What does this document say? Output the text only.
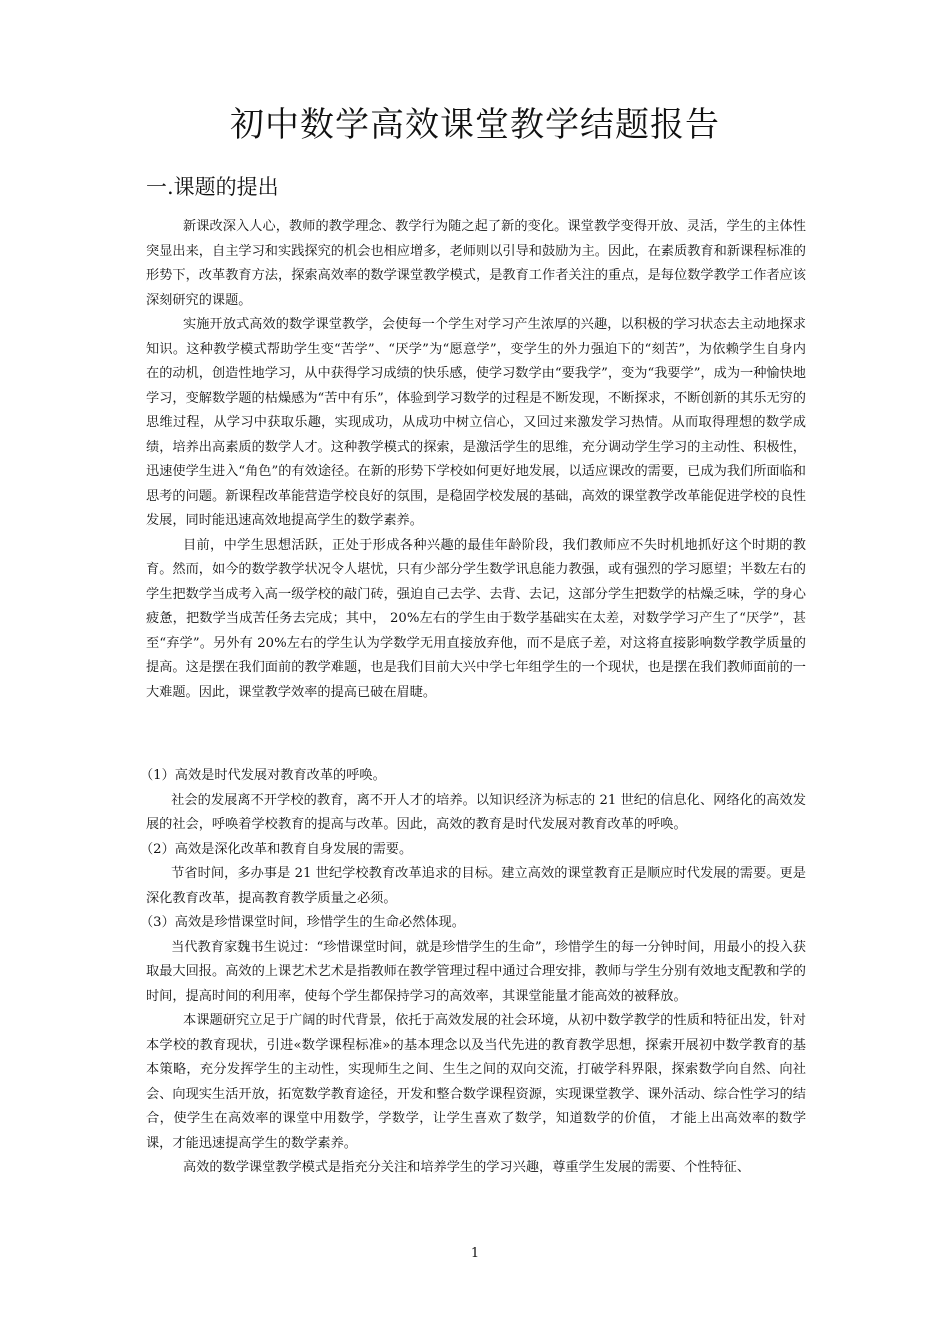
初中数学高效课堂教学结题报告
一.课题的提出

新课改深入人心，教师的教学理念、教学行为随之起了新的变化。课堂教学变得开放、灵活，学生的主体性突显出来，自主学习和实践探究的机会也相应增多，老师则以引导和鼓励为主。因此，在素质教育和新课程标准的形势下，改革教育方法，探索高效率的数学课堂教学模式，是教育工作者关注的重点，是每位数学教学工作者应该深刻研究的课题。

实施开放式高效的数学课堂教学，会使每一个学生对学习产生浓厚的兴趣，以积极的学习状态去主动地探求知识。这种教学模式帮助学生变“苦学”、“厌学”为“愿意学”，变学生的外力强迫下的“刻苦”，为依赖学生自身内在的动机，创造性地学习，从中获得学习成绩的快乐感，使学习数学由“要我学”，变为“我要学”，成为一种愉快地学习，变解数学题的枯燥感为“苦中有乐”，体验到学习数学的过程是不断发现，不断探求，不断创新的其乐无穷的思维过程，从学习中获取乐趣，实现成功，从成功中树立信心，又回过来激发学习热情。从而取得理想的数学成绩，培养出高素质的数学人才。这种教学模式的探索，是激活学生的思维，充分调动学生学习的主动性、积极性，迅速使学生进入“角色”的有效途径。在新的形势下学校如何更好地发展，以适应课改的需要，已成为我们所面临和思考的问题。新课程改革能营造学校良好的氛围，是稳固学校发展的基础，高效的课堂教学改革能促进学校的良性发展，同时能迅速高效地提高学生的数学素养。

目前，中学生思想活跃，正处于形成各种兴趣的最佳年龄阶段，我们教师应不失时机地抓好这个时期的教育。然而，如今的数学教学状况令人堪忧，只有少部分学生数学讯息能力教强，或有强烈的学习愿望；半数左右的学生把数学当成考入高一级学校的敲门砖，强迫自己去学、去背、去记，这部分学生把数学的枯燥乏味，学的身心疲惫，把数学当成苦任务去完成；其中， 20%左右的学生由于数学基础实在太差，对数学学习产生了“厌学”，甚至“弃学”。另外有 20%左右的学生认为学数学无用直接放弃他，而不是底子差，对这将直接影响数学教学质量的提高。这是摆在我们面前的教学难题，也是我们目前大兴中学七年组学生的一个现状，也是摆在我们教师面前的一大难题。因此，课堂教学效率的提高已破在眉睫。

（1）高效是时代发展对教育改革的呼唤。

社会的发展离不开学校的教育，离不开人才的培养。以知识经济为标志的 21 世纪的信息化、网络化的高效发展的社会，呼唤着学校教育的提高与改革。因此，高效的教育是时代发展对教育改革的呼唤。

（2）高效是深化改革和教育自身发展的需要。

节省时间，多办事是 21 世纪学校教育改革追求的目标。建立高效的课堂教育正是顺应时代发展的需要。更是深化教育改革，提高教育教学质量之必须。

（3）高效是珍惜课堂时间，珍惜学生的生命必然体现。

当代教育家魏书生说过：“珍惜课堂时间，就是珍惜学生的生命”，珍惜学生的每一分钟时间，用最小的投入获取最大回报。高效的上课艺术艺术是指教师在教学管理过程中通过合理安排，教师与学生分别有效地支配教和学的时间，提高时间的利用率，使每个学生都保持学习的高效率，其课堂能量才能高效的被释放。

本课题研究立足于广阔的时代背景，依托于高效发展的社会环境，从初中数学教学的性质和特征出发，针对本学校的教育现状，引进«数学课程标准»的基本理念以及当代先进的教育教学思想，探索开展初中数学教育的基本策略，充分发挥学生的主动性，实现师生之间、生生之间的双向交流，打破学科界限，探索数学向自然、向社会、向现实生活开放，拓宽数学教育途径，开发和整合数学课程资源，实现课堂教学、课外活动、综合性学习的结合，使学生在高效率的课堂中用数学，学数学，让学生喜欢了数学，知道数学的价值， 才能上出高效率的数学课，才能迅速提高学生的数学素养。

高效的数学课堂教学模式是指充分关注和培养学生的学习兴趣，尊重学生发展的需要、个性特征、

1
